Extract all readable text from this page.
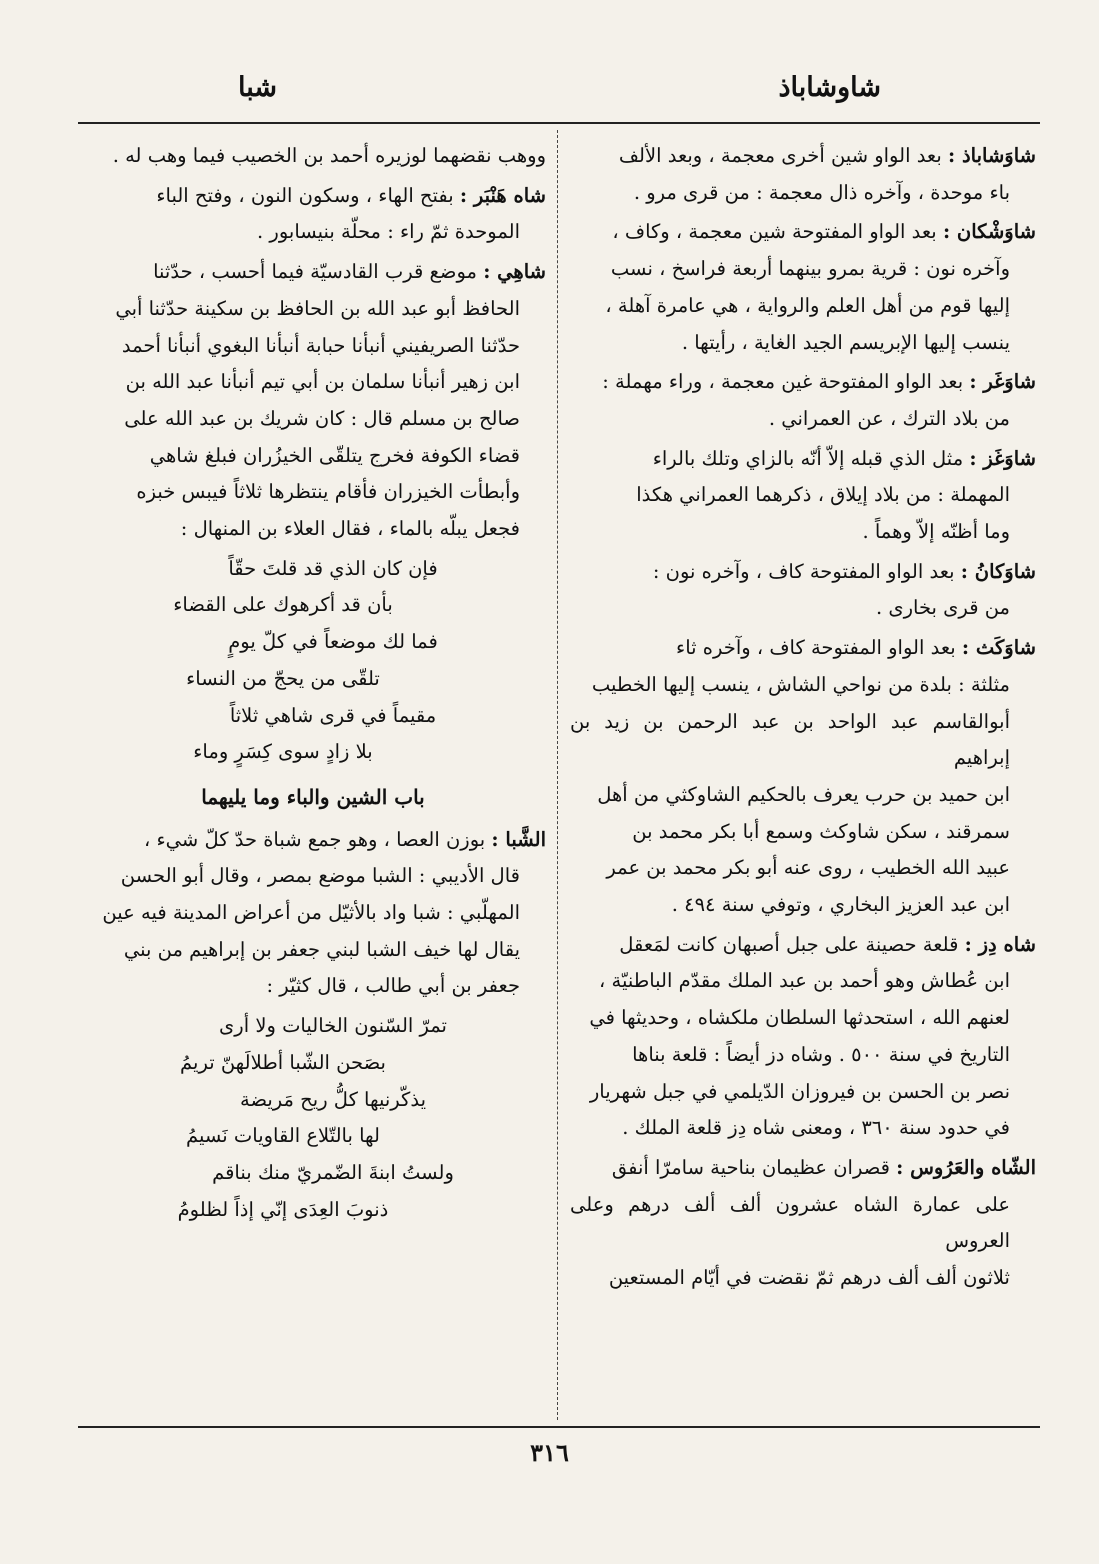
شاوشاباذ
شبا
شاوَشاباذ : بعد الواو شين أخرى معجمة ، وبعد الألف
باء موحدة ، وآخره ذال معجمة : من قرى مرو .
شاوَشْكان : بعد الواو المفتوحة شين معجمة ، وكاف ،
وآخره نون : قرية بمرو بينهما أربعة فراسخ ، نسب
إليها قوم من أهل العلم والرواية ، هي عامرة آهلة ،
ينسب إليها الإبريسم الجيد الغاية ، رأيتها .
شاوَغَر : بعد الواو المفتوحة غين معجمة ، وراء مهملة :
من بلاد الترك ، عن العمراني .
شاوَغَز : مثل الذي قبله إلاّ أنّه بالزاي وتلك بالراء
المهملة : من بلاد إيلاق ، ذكرهما العمراني هكذا
وما أظنّه إلاّ وهماً .
شاوَكانُ : بعد الواو المفتوحة كاف ، وآخره نون :
من قرى بخارى .
شاوَكَث : بعد الواو المفتوحة كاف ، وآخره ثاء
مثلثة : بلدة من نواحي الشاش ، ينسب إليها الخطيب
أبوالقاسم عبد الواحد بن عبد الرحمن بن زيد بن إبراهيم
ابن حميد بن حرب يعرف بالحكيم الشاوكثي من أهل
سمرقند ، سكن شاوكث وسمع أبا بكر محمد بن
عبيد الله الخطيب ، روى عنه أبو بكر محمد بن عمر
ابن عبد العزيز البخاري ، وتوفي سنة ٤٩٤ .
شاه دِز : قلعة حصينة على جبل أصبهان كانت لمَعقل
ابن عُطاش وهو أحمد بن عبد الملك مقدّم الباطنيّة ،
لعنهم الله ، استحدثها السلطان ملكشاه ، وحديثها في
التاريخ في سنة ٥٠٠ . وشاه دز أيضاً : قلعة بناها
نصر بن الحسن بن فيروزان الدّيلمي في جبل شهريار
في حدود سنة ٣٦٠ ، ومعنى شاه دِز قلعة الملك .
الشّاه والعَرُوس : قصران عظيمان بناحية سامرّا أنفق
على عمارة الشاه عشرون ألف ألف درهم وعلى العروس
ثلاثون ألف ألف درهم ثمّ نقضت في أيّام المستعين
ووهب نقضهما لوزيره أحمد بن الخصيب فيما وهب له .
شاه هَنْبَر : بفتح الهاء ، وسكون النون ، وفتح الباء
الموحدة ثمّ راء : محلّة بنيسابور .
شاهِي : موضع قرب القادسيّة فيما أحسب ، حدّثنا
الحافظ أبو عبد الله بن الحافظ بن سكينة حدّثنا أبي
حدّثنا الصريفيني أنبأنا حبابة أنبأنا البغوي أنبأنا أحمد
ابن زهير أنبأنا سلمان بن أبي تيم أنبأنا عبد الله بن
صالح بن مسلم قال : كان شريك بن عبد الله على
قضاء الكوفة فخرج يتلقّى الخيزُران فبلغ شاهي
وأبطأت الخيزران فأقام ينتظرها ثلاثاً فيبس خبزه
فجعل يبلّه بالماء ، فقال العلاء بن المنهال :
فإن كان الذي قد قلتَ حقّاً
بأن قد أكرهوك على القضاء
فما لك موضعاً في كلّ يومٍ
تلقّى من يحجّ من النساء
مقيماً في قرى شاهي ثلاثاً
بلا زادٍ سوى كِسَرٍ وماء
باب الشين والباء وما يليهما
الشَّبا : بوزن العصا ، وهو جمع شباة حدّ كلّ شيء ،
قال الأديبي : الشبا موضع بمصر ، وقال أبو الحسن
المهلّبي : شبا واد بالأثيّل من أعراض المدينة فيه عين
يقال لها خيف الشبا لبني جعفر بن إبراهيم من بني
جعفر بن أبي طالب ، قال كثيّر :
تمرّ السّنون الخاليات ولا أرى
بصَحن الشّبا أطلالَهنّ تريمُ
يذكّرنيها كلُّ ريح مَريضة
لها بالتّلاع القاويات نَسيمُ
ولستُ ابنةَ الضّمريّ منك بناقم
ذنوبَ العِدَى إنّي إذاً لظلومُ
٣١٦
